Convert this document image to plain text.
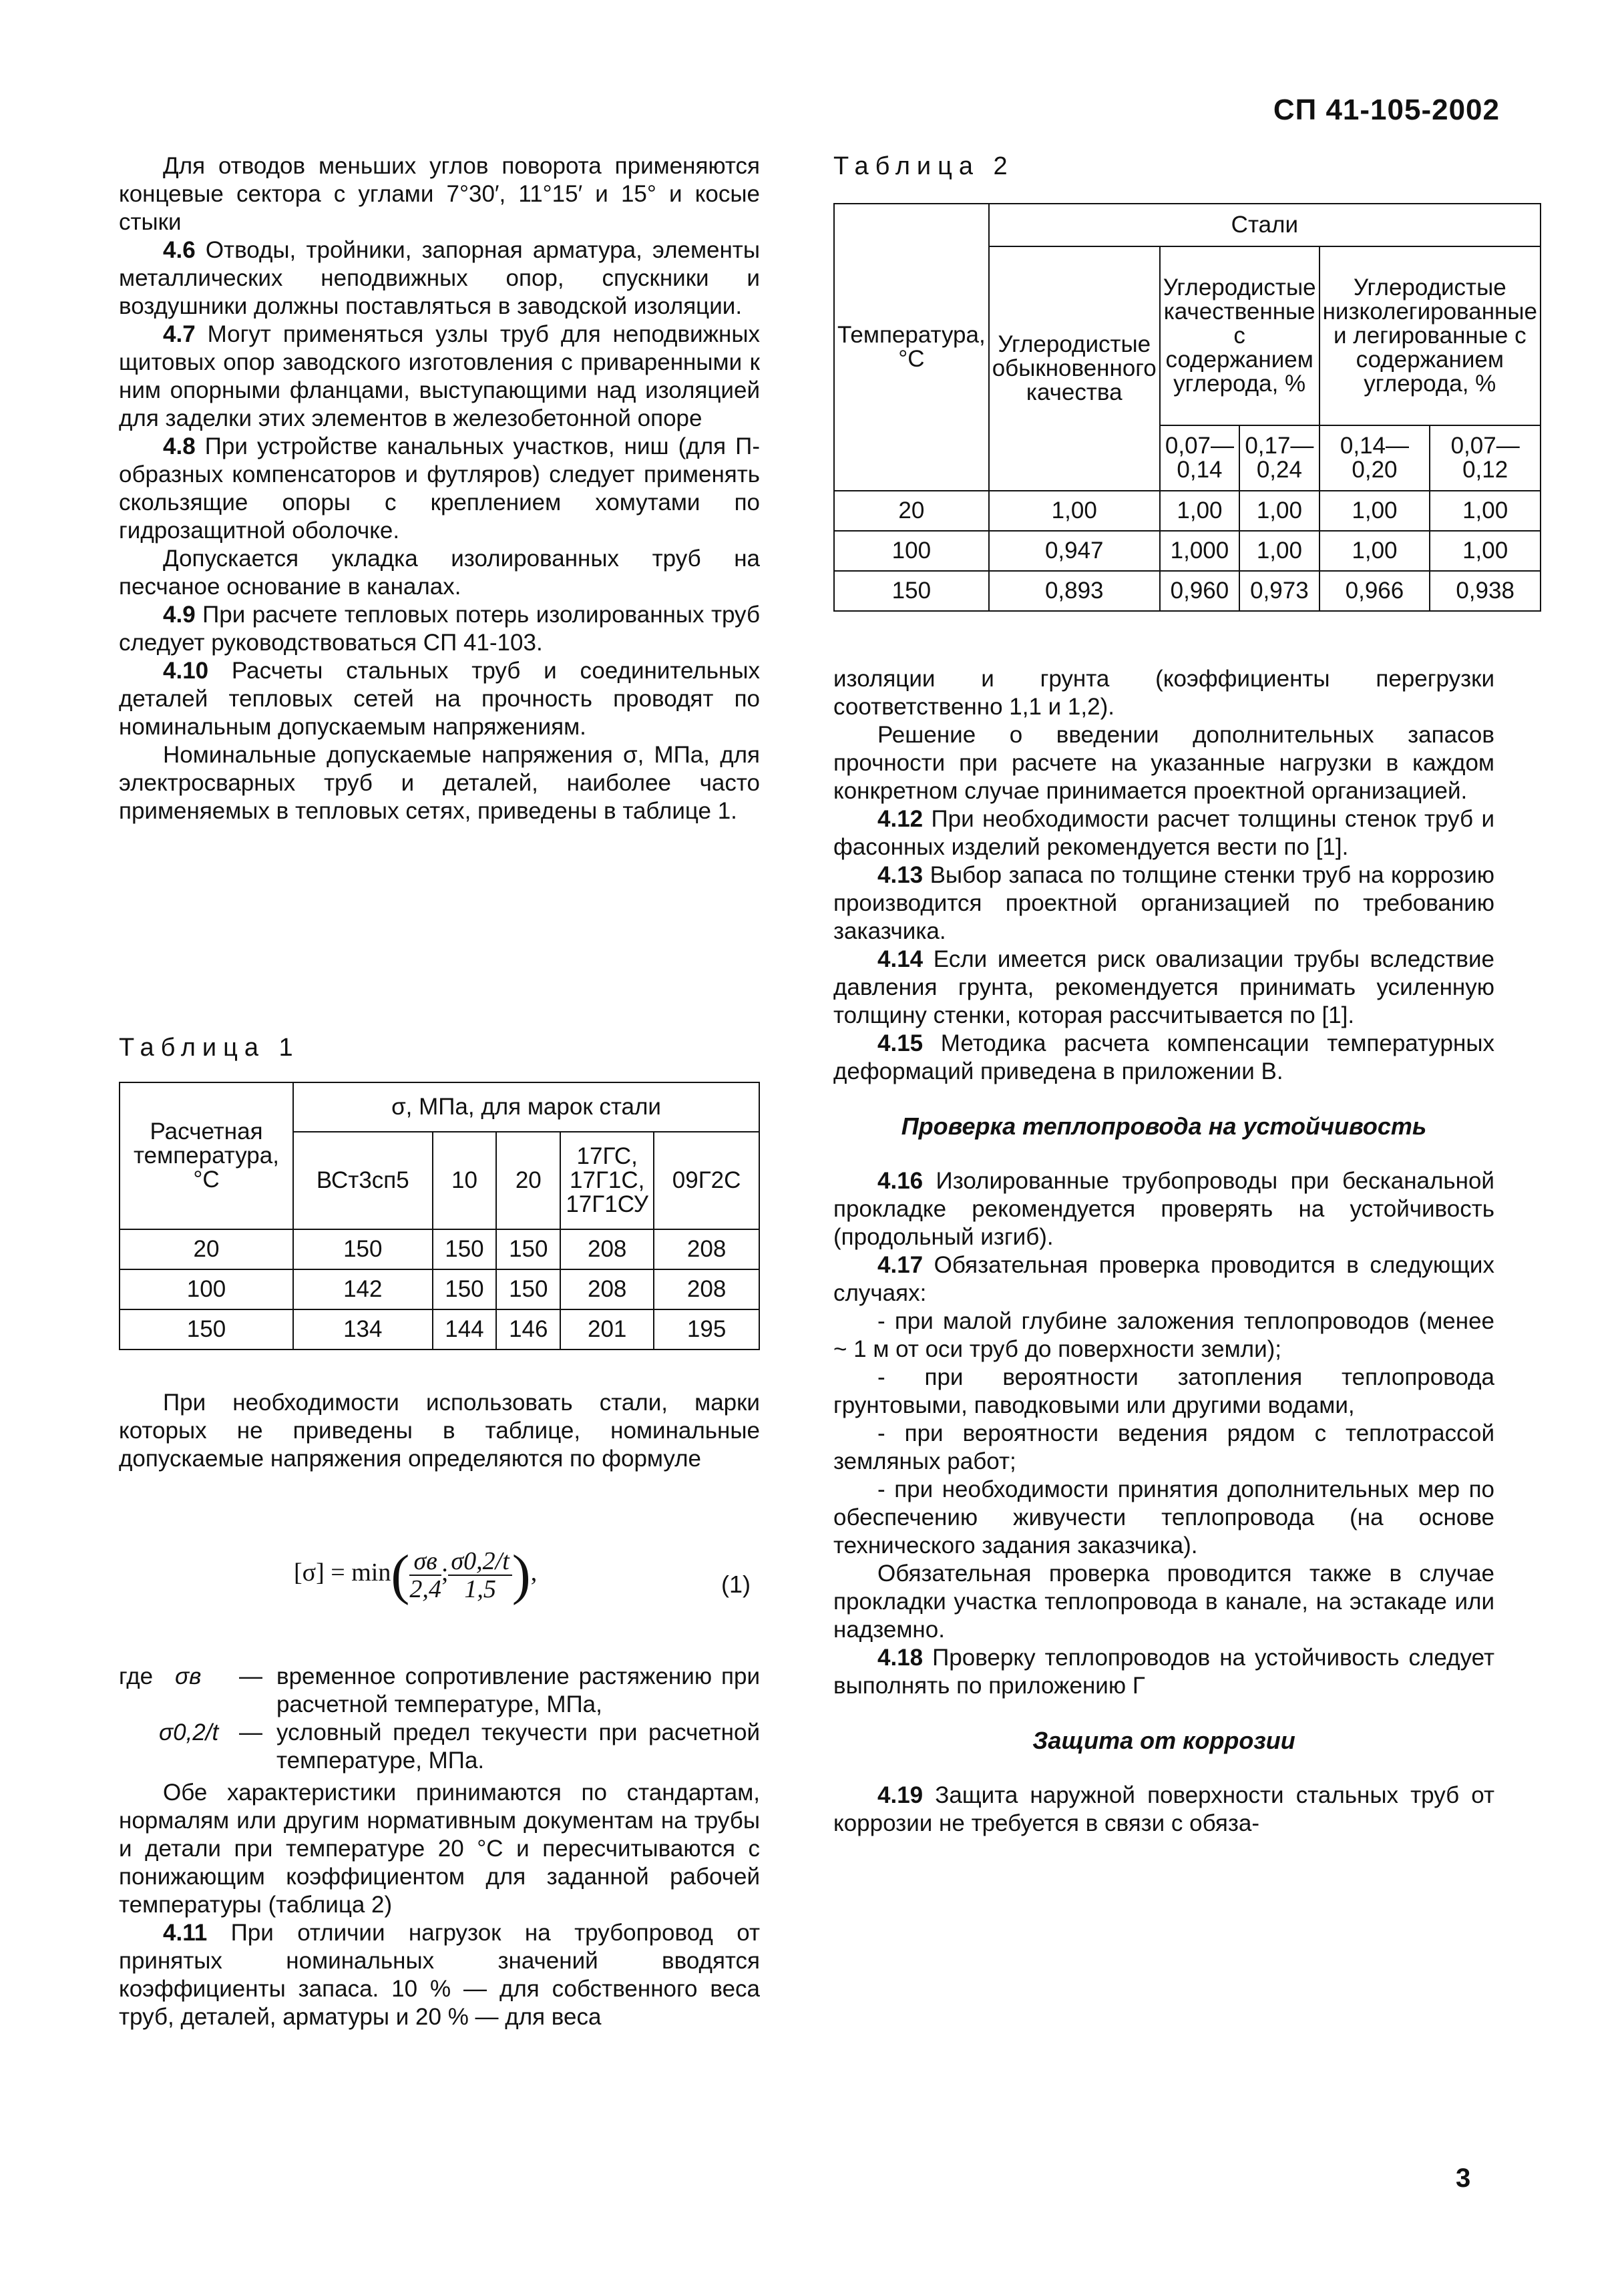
СП 41-105-2002

Для отводов меньших углов поворота применяются концевые сектора с углами 7°30′, 11°15′ и 15° и косые стыки

4.6 Отводы, тройники, запорная арматура, элементы металлических неподвижных опор, спускники и воздушники должны поставляться в заводской изоляции.

4.7 Могут применяться узлы труб для неподвижных щитовых опор заводского изготовления с приваренными к ним опорными фланцами, выступающими над изоляцией для заделки этих элементов в железобетонной опоре

4.8 При устройстве канальных участков, ниш (для П-образных компенсаторов и футляров) следует применять скользящие опоры с креплением хомутами по гидрозащитной оболочке.

Допускается укладка изолированных труб на песчаное основание в каналах.

4.9 При расчете тепловых потерь изолированных труб следует руководствоваться СП 41-103.

4.10 Расчеты стальных труб и соединительных деталей тепловых сетей на прочность проводят по номинальным допускаемым напряжениям.

Номинальные допускаемые напряжения σ, МПа, для электросварных труб и деталей, наиболее часто применяемых в тепловых сетях, приведены в таблице 1.

Таблица 1

Расчетная температура, °С	σ, МПа, для марок стали				
	ВСт3сп5	10	20	17ГС, 17Г1С, 17Г1СУ	09Г2С
20	150	150	150	208	208
100	142	150	150	208	208
150	134	144	146	201	195

При необходимости использовать стали, марки которых не приведены в таблице, номинальные допускаемые напряжения определяются по формуле

$[\sigma] = \min( \frac{\sigma в}{2,4}$ ; $\frac{\sigma 0,2/t}{1,5}$ ),	(1)
где σв — временное сопротивление растяжению при расчетной температуре, МПа,
σ0,2/t — условный предел текучести при расчетной температуре, МПа.

Обе характеристики принимаются по стандартам, нормалям или другим нормативным документам на трубы и детали при температуре 20 °С и пересчитываются с понижающим коэффициентом для заданной рабочей температуры (таблица 2)

4.11 При отличии нагрузок на трубопровод от принятых номинальных значений вводятся коэффициенты запаса. 10 % — для собственного веса труб, деталей, арматуры и 20 % — для веса

Таблица 2

Температура, °С	Стали				
	Углеродистые обыкновенного качества	Углеродистые качественные с содержанием углерода, %		Углеродистые низколегированные и легированные с содержанием углерода, %	
		0,07—0,14	0,17—0,24	0,14—0,20	0,07—0,12
20	1,00	1,00	1,00	1,00	1,00
100	0,947	1,000	1,00	1,00	1,00
150	0,893	0,960	0,973	0,966	0,938

изоляции и грунта (коэффициенты перегрузки соответственно 1,1 и 1,2).

Решение о введении дополнительных запасов прочности при расчете на указанные нагрузки в каждом конкретном случае принимается проектной организацией.

4.12 При необходимости расчет толщины стенок труб и фасонных изделий рекомендуется вести по [1].

4.13 Выбор запаса по толщине стенки труб на коррозию производится проектной организацией по требованию заказчика.

4.14 Если имеется риск овализации трубы вследствие давления грунта, рекомендуется принимать усиленную толщину стенки, которая рассчитывается по [1].

4.15 Методика расчета компенсации температурных деформаций приведена в приложении В.

Проверка теплопровода на устойчивость

4.16 Изолированные трубопроводы при бесканальной прокладке рекомендуется проверять на устойчивость (продольный изгиб).

4.17 Обязательная проверка проводится в следующих случаях:

- при малой глубине заложения теплопроводов (менее ~ 1 м от оси труб до поверхности земли);

- при вероятности затопления теплопровода грунтовыми, паводковыми или другими водами,

- при вероятности ведения рядом с теплотрассой земляных работ;

- при необходимости принятия дополнительных мер по обеспечению живучести теплопровода (на основе технического задания заказчика).

Обязательная проверка проводится также в случае прокладки участка теплопровода в канале, на эстакаде или надземно.

4.18 Проверку теплопроводов на устойчивость следует выполнять по приложению Г

Защита от коррозии

4.19 Защита наружной поверхности стальных труб от коррозии не требуется в связи с обяза-

3
